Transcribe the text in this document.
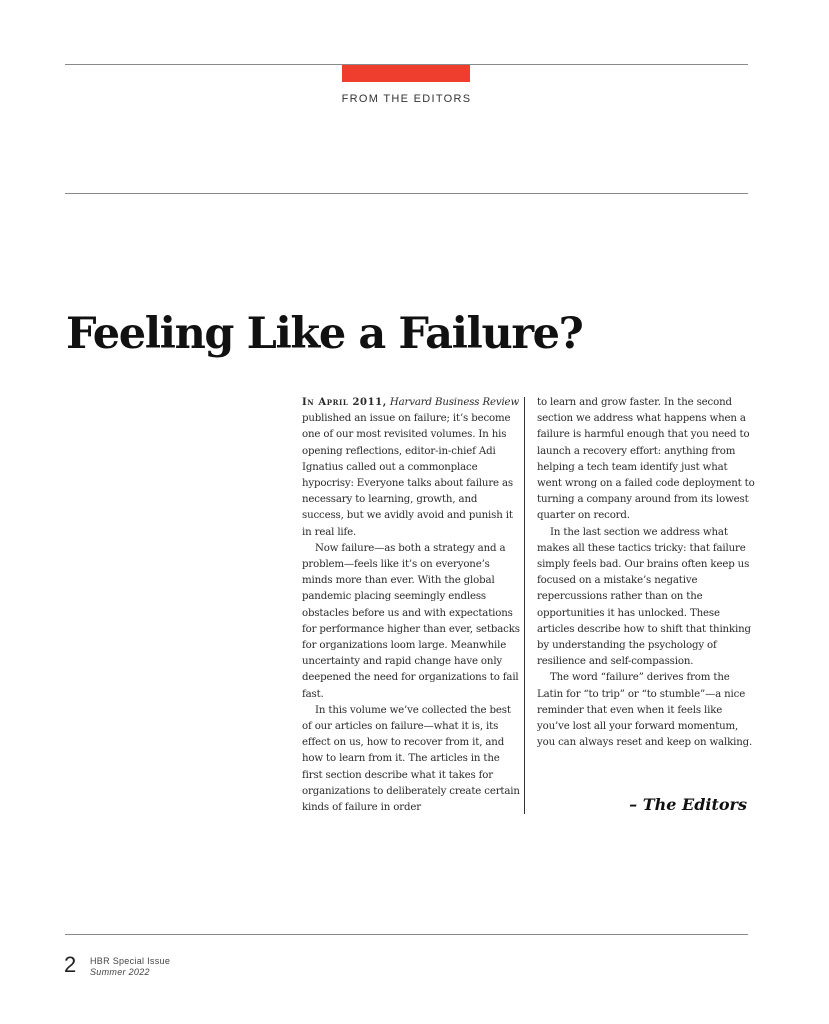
FROM THE EDITORS
Feeling Like a Failure?

In April 2011, Harvard Business Review published an issue on failure; it’s become one of our most revisited volumes. In his opening reflections, editor-in-chief Adi Ignatius called out a commonplace hypocrisy: Everyone talks about failure as necessary to learning, growth, and success, but we avidly avoid and punish it in real life.

Now failure—as both a strategy and a problem—feels like it’s on everyone’s minds more than ever. With the global pandemic placing seemingly endless obstacles before us and with expectations for performance higher than ever, setbacks for organizations loom large. Meanwhile uncertainty and rapid change have only deepened the need for organizations to fail fast.

In this volume we’ve collected the best of our articles on failure—what it is, its effect on us, how to recover from it, and how to learn from it. The articles in the first section describe what it takes for organizations to deliberately create certain kinds of failure in order

to learn and grow faster. In the second section we address what happens when a failure is harmful enough that you need to launch a recovery effort: anything from helping a tech team identify just what went wrong on a failed code deployment to turning a company around from its lowest quarter on record.

In the last section we address what makes all these tactics tricky: that failure simply feels bad. Our brains often keep us focused on a mistake’s negative repercussions rather than on the opportunities it has unlocked. These articles describe how to shift that thinking by understanding the psychology of resilience and self-compassion.

The word “failure” derives from the Latin for “to trip” or “to stumble”—a nice reminder that even when it feels like you’ve lost all your forward momentum, you can always reset and keep on walking.

– The Editors
2 HBR Special Issue
Summer 2022
